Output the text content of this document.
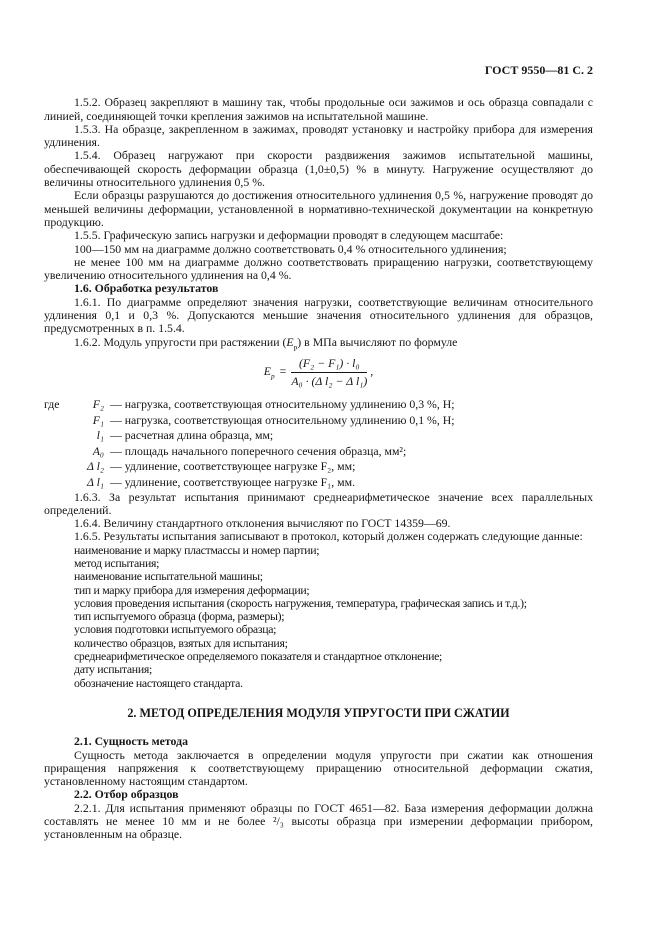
ГОСТ 9550—81 С. 2

1.5.2. Образец закрепляют в машину так, чтобы продольные оси зажимов и ось образца совпадали с линией, соединяющей точки крепления зажимов на испытательной машине.

1.5.3. На образце, закрепленном в зажимах, проводят установку и настройку прибора для измерения удлинения.

1.5.4. Образец нагружают при скорости раздвижения зажимов испытательной машины, обеспечивающей скорость деформации образца (1,0±0,5) % в минуту. Нагружение осуществляют до величины относительного удлинения 0,5 %.

Если образцы разрушаются до достижения относительного удлинения 0,5 %, нагружение проводят до меньшей величины деформации, установленной в нормативно-технической документации на конкретную продукцию.

1.5.5. Графическую запись нагрузки и деформации проводят в следующем масштабе:

100—150 мм на диаграмме должно соответствовать 0,4 % относительного удлинения;

не менее 100 мм на диаграмме должно соответствовать приращению нагрузки, соответствующему увеличению относительного удлинения на 0,4 %.

1.6. Обработка результатов

1.6.1. По диаграмме определяют значения нагрузки, соответствующие величинам относительного удлинения 0,1 и 0,3 %. Допускаются меньшие значения относительного удлинения для образцов, предусмотренных в п. 1.5.4.

1.6.2. Модуль упругости при растяжении $(E_р)$ в МПа вычисляют по формуле

$E_р = \frac{\text{(F₂ − F₁) · l₀}}{\text{A₀ · (Δ l₂ − Δ l₁)}}$ ,
где	F₂ — нагрузка, соответствующая относительному удлинению 0,3 %, Н;
F₁ — нагрузка, соответствующая относительному удлинению 0,1 %, Н;
l₁ — расчетная длина образца, мм;
A₀ — площадь начального поперечного сечения образца, мм²;
Δ l₂ — удлинение, соответствующее нагрузке F₂, мм;
Δ l₁ — удлинение, соответствующее нагрузке F₁, мм.

1.6.3. За результат испытания принимают среднеарифметическое значение всех параллельных определений.

1.6.4. Величину стандартного отклонения вычисляют по ГОСТ 14359—69.

1.6.5. Результаты испытания записывают в протокол, который должен содержать следующие данные:

наименование и марку пластмассы и номер партии;

метод испытания;

наименование испытательной машины;

тип и марку прибора для измерения деформации;

условия проведения испытания (скорость нагружения, температура, графическая запись и т.д.);

тип испытуемого образца (форма, размеры);

условия подготовки испытуемого образца;

количество образцов, взятых для испытания;

среднеарифметическое определяемого показателя и стандартное отклонение;

дату испытания;

обозначение настоящего стандарта.

2. МЕТОД ОПРЕДЕЛЕНИЯ МОДУЛЯ УПРУГОСТИ ПРИ СЖАТИИ

2.1. Сущность метода

Сущность метода заключается в определении модуля упругости при сжатии как отношения приращения напряжения к соответствующему приращению относительной деформации сжатия, установленному настоящим стандартом.

2.2. Отбор образцов

2.2.1. Для испытания применяют образцы по ГОСТ 4651—82. База измерения деформации должна составлять не менее 10 мм и не более ²/₃ высоты образца при измерении деформации прибором, установленным на образце.
